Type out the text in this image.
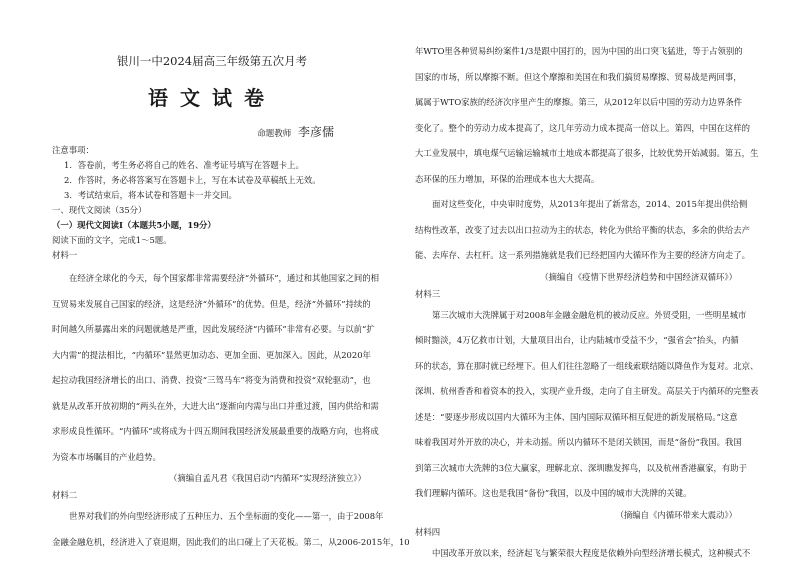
银川一中2024届高三年级第五次月考
语文试卷
命题教师 李彦儒
注意事项：
1．答卷前，考生务必将自己的姓名、准考证号填写在答题卡上。
2．作答时，务必将答案写在答题卡上，写在本试卷及草稿纸上无效。
3．考试结束后，将本试卷和答题卡一并交回。
一、现代文阅读（35分）
（一）现代文阅读Ⅰ（本题共5小题，19分）
阅读下面的文字，完成1～5题。
材料一
在经济全球化的今天，每个国家都非常需要经济“外循环”，通过和其他国家之间的相
互贸易来发展自己国家的经济，这是经济“外循环”的优势。但是，经济“外循环”持续的
时间越久所暴露出来的问题就越是严重，因此发展经济“内循环”非常有必要。与以前“扩
大内需”的提法相比，“内循环”显然更加动态、更加全面、更加深入。因此，从2020年
起拉动我国经济增长的出口、消费、投资“三驾马车”将变为消费和投资“双轮驱动”，也
就是从改革开放初期的“两头在外，大进大出”逐渐向内需与出口并重过渡，国内供给和需
求形成良性循环。“内循环”或将成为十四五期间我国经济发展最重要的战略方向，也将成
为资本市场瞩目的产业趋势。
（摘编自孟凡君《我国启动“内循环”实现经济独立》）
材料二
世界对我们的外向型经济形成了五种压力、五个坐标面的变化——第一，由于2008年
金融金融危机，经济进入了衰退期，因此我们的出口碰上了天花板。第二，从2006-2015年，10
年WTO里各种贸易纠纷案件1/3是跟中国打的，因为中国的出口突飞猛进，等于占领别的
国家的市场，所以摩擦不断。但这个摩擦和美国在和我们搞贸易摩擦、贸易战是两回事，
属属于WTO家族的经济次序里产生的摩擦。第三，从2012年以后中国的劳动力边界条件
变化了。整个的劳动力成本提高了，这几年劳动力成本提高一倍以上。第四，中国在这样的
大工业发展中，填电煤气运输运输城市土地成本都提高了很多，比较优势开始减弱。第五，生
态环保的压力增加，环保的治理成本也大大提高。
面对这些变化，中央审时度势，从2013年提出了新常态，2014、2015年提出供给侧
结构性改革，改变了过去以出口拉动为主的状态，转化为供给平衡的状态，多余的供给去产
能、去库存、去杠杆。这一系列措施就是我们已经把国内大循环作为主要的经济方向走了。
（摘编自《疫情下世界经济趋势和中国经济双循环》）
材料三
第三次城市大洗牌属于对2008年金融金融危机的被动反应。外贸受阻，一些明星城市
倾时黯淡，4万亿救市计划，大量项目出台，让内陆城市受益不少，“强省会”抬头，内循
环的状态，算在那时就已经埋下。但人们往往忽略了一组线索联结随以降鱼作为复对。北京、
深圳、杭州香香和着资本的投入，实现产业升级，走向了自主研发。高层关于内循环的完整表
述是：“要逐步形成以国内大循环为主体、国内国际双循环相互促进的新发展格局。”这意
味着我国对外开放的决心，并未动摇。所以内循环不是闭关锁国，而是“备份”我国。我国
到第三次城市大洗牌的3位大赢家，理解北京、深圳瞧发挥鸟，以及杭州香港赢家，有助于
我们理解内循环。这也是我国“备份”我国，以及中国的城市大洗牌的关键。
（摘编自《内循环带来大震动》）
材料四
中国改革开放以来，经济起飞与繁荣很大程度是依赖外向型经济增长模式，这种模式不
